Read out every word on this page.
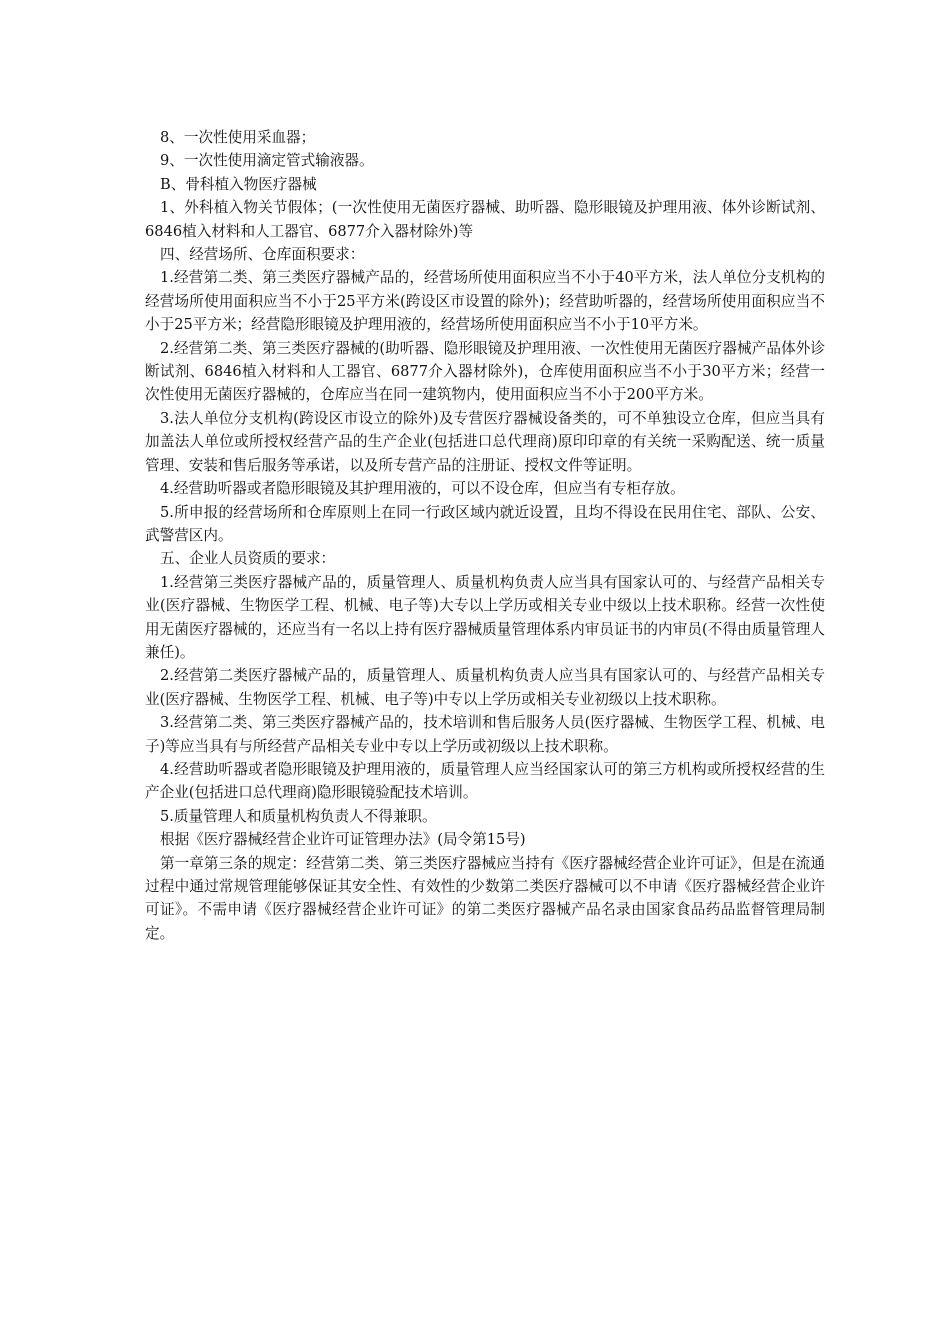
8、一次性使用采血器；

9、一次性使用滴定管式输液器。

B、骨科植入物医疗器械

1、外科植入物关节假体；(一次性使用无菌医疗器械、助听器、隐形眼镜及护理用液、体外诊断试剂、6846植入材料和人工器官、6877介入器材除外)等

四、经营场所、仓库面积要求：

1.经营第二类、第三类医疗器械产品的，经营场所使用面积应当不小于40平方米，法人单位分支机构的经营场所使用面积应当不小于25平方米(跨设区市设置的除外)；经营助听器的，经营场所使用面积应当不小于25平方米；经营隐形眼镜及护理用液的，经营场所使用面积应当不小于10平方米。

2.经营第二类、第三类医疗器械的(助听器、隐形眼镜及护理用液、一次性使用无菌医疗器械产品体外诊断试剂、6846植入材料和人工器官、6877介入器材除外)，仓库使用面积应当不小于30平方米；经营一次性使用无菌医疗器械的，仓库应当在同一建筑物内，使用面积应当不小于200平方米。

3.法人单位分支机构(跨设区市设立的除外)及专营医疗器械设备类的，可不单独设立仓库，但应当具有加盖法人单位或所授权经营产品的生产企业(包括进口总代理商)原印印章的有关统一采购配送、统一质量管理、安装和售后服务等承诺，以及所专营产品的注册证、授权文件等证明。

4.经营助听器或者隐形眼镜及其护理用液的，可以不设仓库，但应当有专柜存放。

5.所申报的经营场所和仓库原则上在同一行政区域内就近设置，且均不得设在民用住宅、部队、公安、武警营区内。

五、企业人员资质的要求：

1.经营第三类医疗器械产品的，质量管理人、质量机构负责人应当具有国家认可的、与经营产品相关专业(医疗器械、生物医学工程、机械、电子等)大专以上学历或相关专业中级以上技术职称。经营一次性使用无菌医疗器械的，还应当有一名以上持有医疗器械质量管理体系内审员证书的内审员(不得由质量管理人兼任)。

2.经营第二类医疗器械产品的，质量管理人、质量机构负责人应当具有国家认可的、与经营产品相关专业(医疗器械、生物医学工程、机械、电子等)中专以上学历或相关专业初级以上技术职称。

3.经营第二类、第三类医疗器械产品的，技术培训和售后服务人员(医疗器械、生物医学工程、机械、电子)等应当具有与所经营产品相关专业中专以上学历或初级以上技术职称。

4.经营助听器或者隐形眼镜及护理用液的，质量管理人应当经国家认可的第三方机构或所授权经营的生产企业(包括进口总代理商)隐形眼镜验配技术培训。

5.质量管理人和质量机构负责人不得兼职。

根据《医疗器械经营企业许可证管理办法》(局令第15号)

第一章第三条的规定：经营第二类、第三类医疗器械应当持有《医疗器械经营企业许可证》，但是在流通过程中通过常规管理能够保证其安全性、有效性的少数第二类医疗器械可以不申请《医疗器械经营企业许可证》。不需申请《医疗器械经营企业许可证》的第二类医疗器械产品名录由国家食品药品监督管理局制定。
